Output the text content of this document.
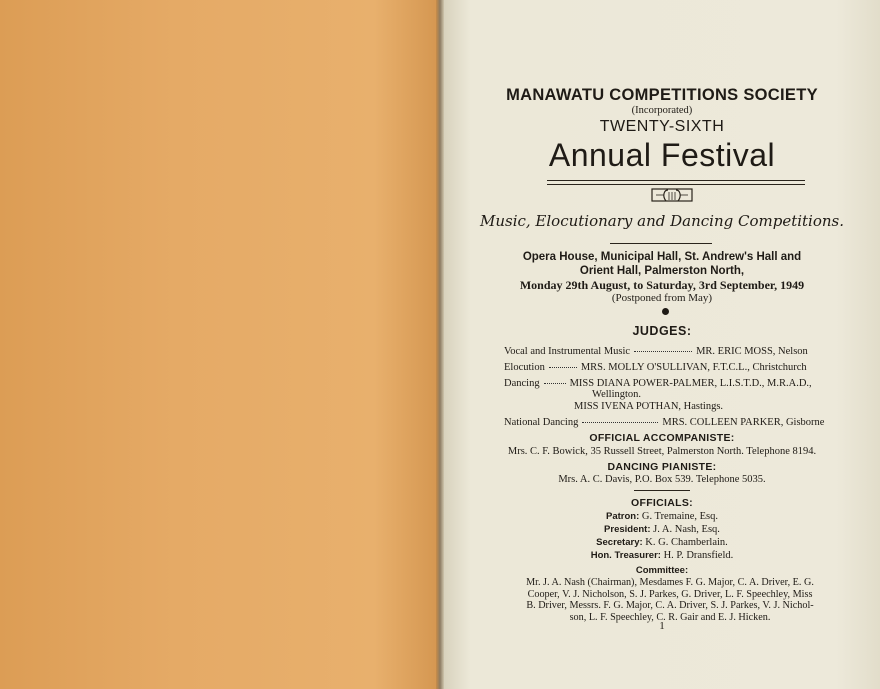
MANAWATU COMPETITIONS SOCIETY
(Incorporated)
TWENTY-SIXTH
Annual Festival
Music, Elocutionary and Dancing Competitions.
Opera House, Municipal Hall, St. Andrew's Hall and
Orient Hall, Palmerston North,
Monday 29th August, to Saturday, 3rd September, 1949
(Postponed from May)
JUDGES:
Vocal and Instrumental Music	MR. ERIC MOSS, Nelson
Elocution	MRS. MOLLY O'SULLIVAN, F.T.C.L., Christchurch
Dancing	MISS DIANA POWER-PALMER, L.I.S.T.D., M.R.A.D.,
Wellington.
MISS IVENA POTHAN, Hastings.
National Dancing	MRS. COLLEEN PARKER, Gisborne
OFFICIAL ACCOMPANISTE:
Mrs. C. F. Bowick, 35 Russell Street, Palmerston North. Telephone 8194.
DANCING PIANISTE:
Mrs. A. C. Davis, P.O. Box 539. Telephone 5035.
OFFICIALS:
Patron: G. Tremaine, Esq.
President: J. A. Nash, Esq.
Secretary: K. G. Chamberlain.
Hon. Treasurer: H. P. Dransfield.
Committee:
Mr. J. A. Nash (Chairman), Mesdames F. G. Major, C. A. Driver, E. G.
Cooper, V. J. Nicholson, S. J. Parkes, G. Driver, L. F. Speechley, Miss
B. Driver, Messrs. F. G. Major, C. A. Driver, S. J. Parkes, V. J. Nichol-
son, L. F. Speechley, C. R. Gair and E. J. Hicken.
1
